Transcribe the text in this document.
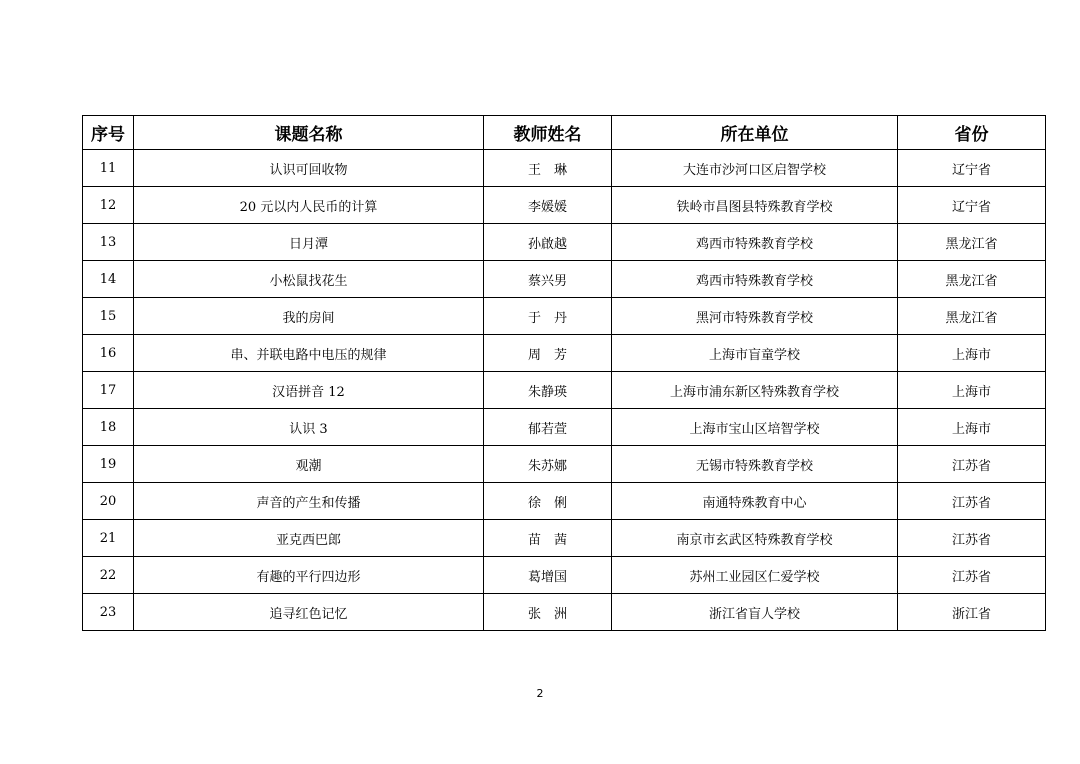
序号	课题名称	教师姓名	所在单位	省份
11	认识可回收物	王　琳	大连市沙河口区启智学校	辽宁省
12	20 元以内人民币的计算	李媛媛	铁岭市昌图县特殊教育学校	辽宁省
13	日月潭	孙啟越	鸡西市特殊教育学校	黑龙江省
14	小松鼠找花生	蔡兴男	鸡西市特殊教育学校	黑龙江省
15	我的房间	于　丹	黑河市特殊教育学校	黑龙江省
16	串、并联电路中电压的规律	周　芳	上海市盲童学校	上海市
17	汉语拼音 12	朱静瑛	上海市浦东新区特殊教育学校	上海市
18	认识 3	郁若萱	上海市宝山区培智学校	上海市
19	观潮	朱苏娜	无锡市特殊教育学校	江苏省
20	声音的产生和传播	徐　俐	南通特殊教育中心	江苏省
21	亚克西巴郎	苗　茜	南京市玄武区特殊教育学校	江苏省
22	有趣的平行四边形	葛增国	苏州工业园区仁爱学校	江苏省
23	追寻红色记忆	张　洲	浙江省盲人学校	浙江省
2
